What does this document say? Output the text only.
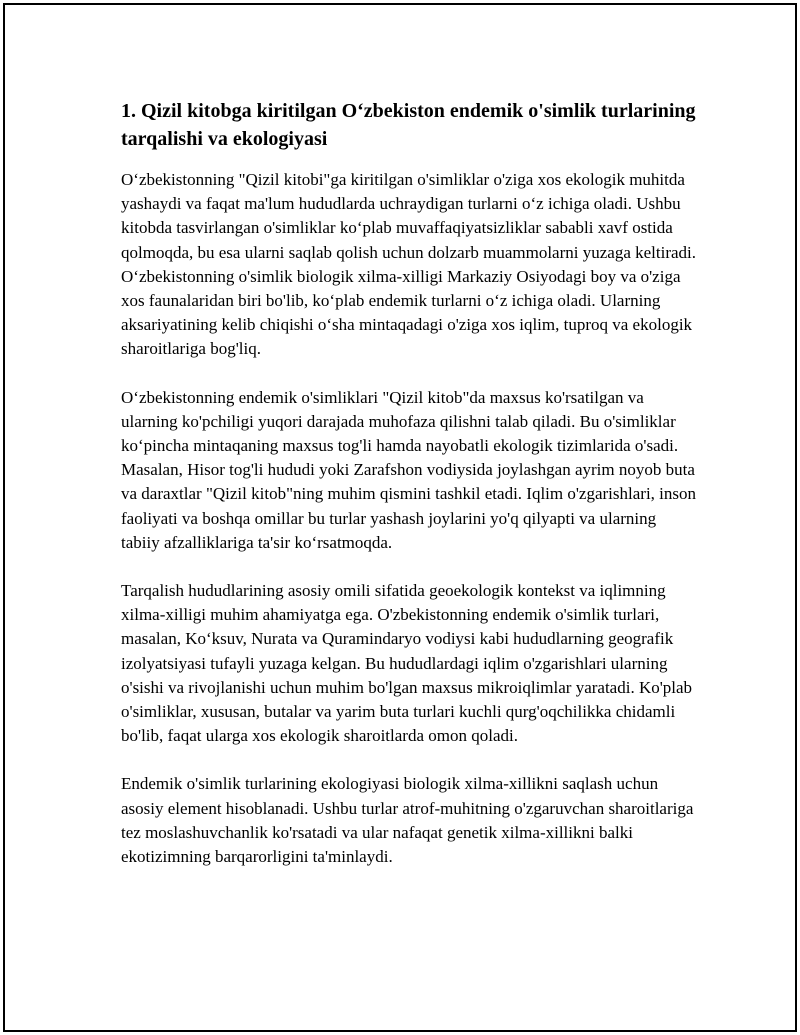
1. Qizil kitobga kiritilgan O‘zbekiston endemik o'simlik turlarining tarqalishi va ekologiyasi

O‘zbekistonning "Qizil kitobi"ga kiritilgan o'simliklar o'ziga xos ekologik muhitda yashaydi va faqat ma'lum hududlarda uchraydigan turlarni o‘z ichiga oladi. Ushbu kitobda tasvirlangan o'simliklar ko‘plab muvaffaqiyatsizliklar sababli xavf ostida qolmoqda, bu esa ularni saqlab qolish uchun dolzarb muammolarni yuzaga keltiradi. O‘zbekistonning o'simlik biologik xilma-xilligi Markaziy Osiyodagi boy va o'ziga xos faunalaridan biri bo'lib, ko‘plab endemik turlarni o‘z ichiga oladi. Ularning aksariyatining kelib chiqishi o‘sha mintaqadagi o'ziga xos iqlim, tuproq va ekologik sharoitlariga bog'liq.

O‘zbekistonning endemik o'simliklari "Qizil kitob"da maxsus ko'rsatilgan va ularning ko'pchiligi yuqori darajada muhofaza qilishni talab qiladi. Bu o'simliklar ko‘pincha mintaqaning maxsus tog'li hamda nayobatli ekologik tizimlarida o'sadi. Masalan, Hisor tog'li hududi yoki Zarafshon vodiysida joylashgan ayrim noyob buta va daraxtlar "Qizil kitob"ning muhim qismini tashkil etadi. Iqlim o'zgarishlari, inson faoliyati va boshqa omillar bu turlar yashash joylarini yo'q qilyapti va ularning tabiiy afzalliklariga ta'sir ko‘rsatmoqda.

Tarqalish hududlarining asosiy omili sifatida geoekologik kontekst va iqlimning xilma-xilligi muhim ahamiyatga ega. O'zbekistonning endemik o'simlik turlari, masalan, Ko‘ksuv, Nurata va Quramindaryo vodiysi kabi hududlarning geografik izolyatsiyasi tufayli yuzaga kelgan. Bu hududlardagi iqlim o'zgarishlari ularning o'sishi va rivojlanishi uchun muhim bo'lgan maxsus mikroiqlimlar yaratadi. Ko'plab o'simliklar, xususan, butalar va yarim buta turlari kuchli qurg'oqchilikka chidamli bo'lib, faqat ularga xos ekologik sharoitlarda omon qoladi.

Endemik o'simlik turlarining ekologiyasi biologik xilma-xillikni saqlash uchun asosiy element hisoblanadi. Ushbu turlar atrof-muhitning o'zgaruvchan sharoitlariga tez moslashuvchanlik ko'rsatadi va ular nafaqat genetik xilma-xillikni balki ekotizimning barqarorligini ta'minlaydi.
